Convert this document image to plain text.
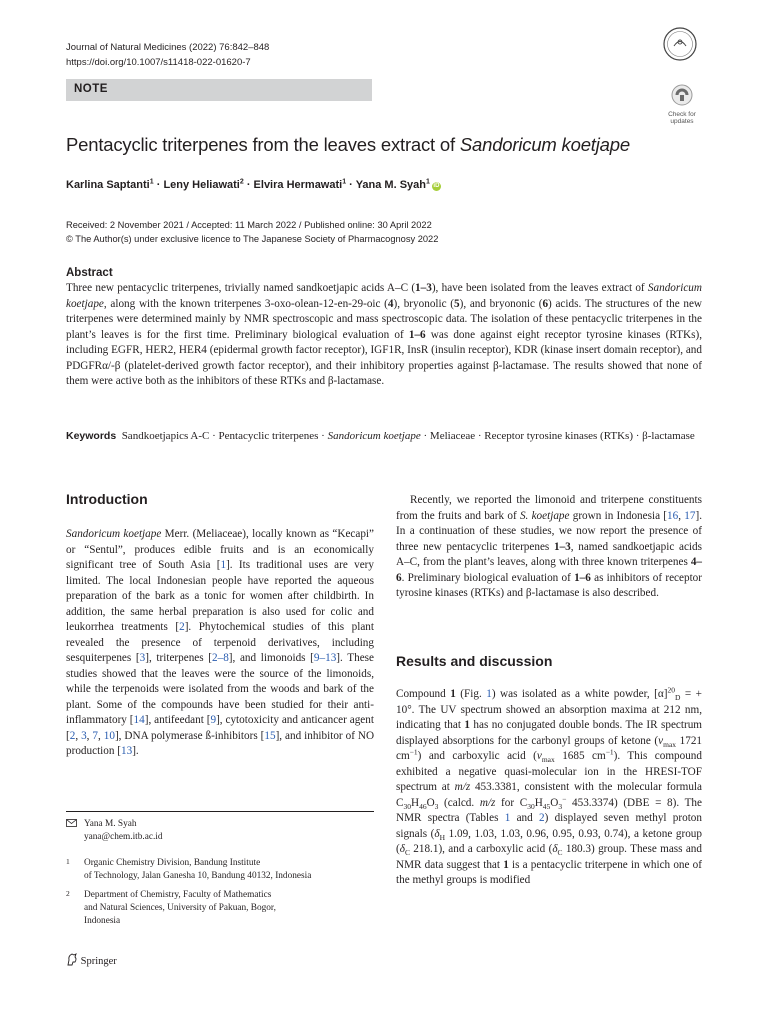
Journal of Natural Medicines (2022) 76:842–848
https://doi.org/10.1007/s11418-022-01620-7
NOTE
Check for
updates
Pentacyclic triterpenes from the leaves extract of Sandoricum koetjape
Karlina Saptanti$^1$ · Leny Heliawati$^2$ · Elvira Hermawati$^1$ · Yana M. Syah$^1$iD
Received: 2 November 2021 / Accepted: 11 March 2022 / Published online: 30 April 2022
© The Author(s) under exclusive licence to The Japanese Society of Pharmacognosy 2022
Abstract
Three new pentacyclic triterpenes, trivially named sandkoetjapic acids A–C (1–3), have been isolated from the leaves extract of Sandoricum koetjape, along with the known triterpenes 3-oxo-olean-12-en-29-oic (4), bryonolic (5), and bryononic (6) acids. The structures of the new triterpenes were determined mainly by NMR spectroscopic and mass spectroscopic data. The isolation of these pentacyclic triterpenes in the plant’s leaves is for the first time. Preliminary biological evaluation of 1–6 was done against eight receptor tyrosine kinases (RTKs), including EGFR, HER2, HER4 (epidermal growth factor receptor), IGF1R, InsR (insulin receptor), KDR (kinase insert domain receptor), and PDGFRα/-β (platelet-derived growth factor receptor), and their inhibitory properties against β-lactamase. The results showed that none of them were active both as the inhibitors of these RTKs and β-lactamase.
Keywords Sandkoetjapics A-C · Pentacyclic triterpenes · Sandoricum koetjape · Meliaceae · Receptor tyrosine kinases (RTKs) · β-lactamase
Introduction
Sandoricum koetjape Merr. (Meliaceae), locally known as “Kecapi” or “Sentul”, produces edible fruits and is an economically significant tree of South Asia [1]. Its traditional uses are very limited. The local Indonesian people have reported the aqueous preparation of the bark as a tonic for women after childbirth. In addition, the same herbal preparation is also used for colic and leukorrhea treatments [2]. Phytochemical studies of this plant revealed the presence of terpenoid derivatives, including sesquiterpenes [3], triterpenes [2–8], and limonoids [9–13]. These studies showed that the leaves were the source of the limonoids, while the terpenoids were isolated from the woods and bark of the plant. Some of the compounds have been studied for their anti-inflammatory [14], antifeedant [9], cytotoxicity and anticancer agent [2, 3, 7, 10], DNA polymerase ß-inhibitors [15], and inhibitor of NO production [13].
Yana M. Syah
yana@chem.itb.ac.id
1 Organic Chemistry Division, Bandung Institute
of Technology, Jalan Ganesha 10, Bandung 40132, Indonesia
2 Department of Chemistry, Faculty of Mathematics
and Natural Sciences, University of Pakuan, Bogor,
Indonesia
Springer
Recently, we reported the limonoid and triterpene constituents from the fruits and bark of S. koetjape grown in Indonesia [16, 17]. In a continuation of these studies, we now report the presence of three new pentacyclic triterpenes 1–3, named sandkoetjapic acids A–C, from the plant’s leaves, along with three known triterpenes 4–6. Preliminary biological evaluation of 1–6 as inhibitors of receptor tyrosine kinases (RTKs) and β-lactamase is also described.
Results and discussion
Compound 1 (Fig. 1) was isolated as a white powder, $[\alpha]^{20}_D$ = + 10°. The UV spectrum showed an absorption maxima at 212 nm, indicating that 1 has no conjugated double bonds. The IR spectrum displayed absorptions for the carbonyl groups of ketone ($\nu_{max}$ 1721 $cm^{-1}$) and carboxylic acid ($\nu_{max}$ 1685 $cm^{-1}$). This compound exhibited a negative quasi-molecular ion in the HRESI-TOF spectrum at m/z 453.3381, consistent with the molecular formula $C_{30}H_{46}O_3$ (calcd. m/z for $C_{30}H_{45}O_3^-$ 453.3374) (DBE = 8). The NMR spectra (Tables 1 and 2) displayed seven methyl proton signals ($\delta_H$ 1.09, 1.03, 1.03, 0.96, 0.95, 0.93, 0.74), a ketone group ($\delta_C$ 218.1), and a carboxylic acid ($\delta_C$ 180.3) group. These mass and NMR data suggest that 1 is a pentacyclic triterpene in which one of the methyl groups is modified
